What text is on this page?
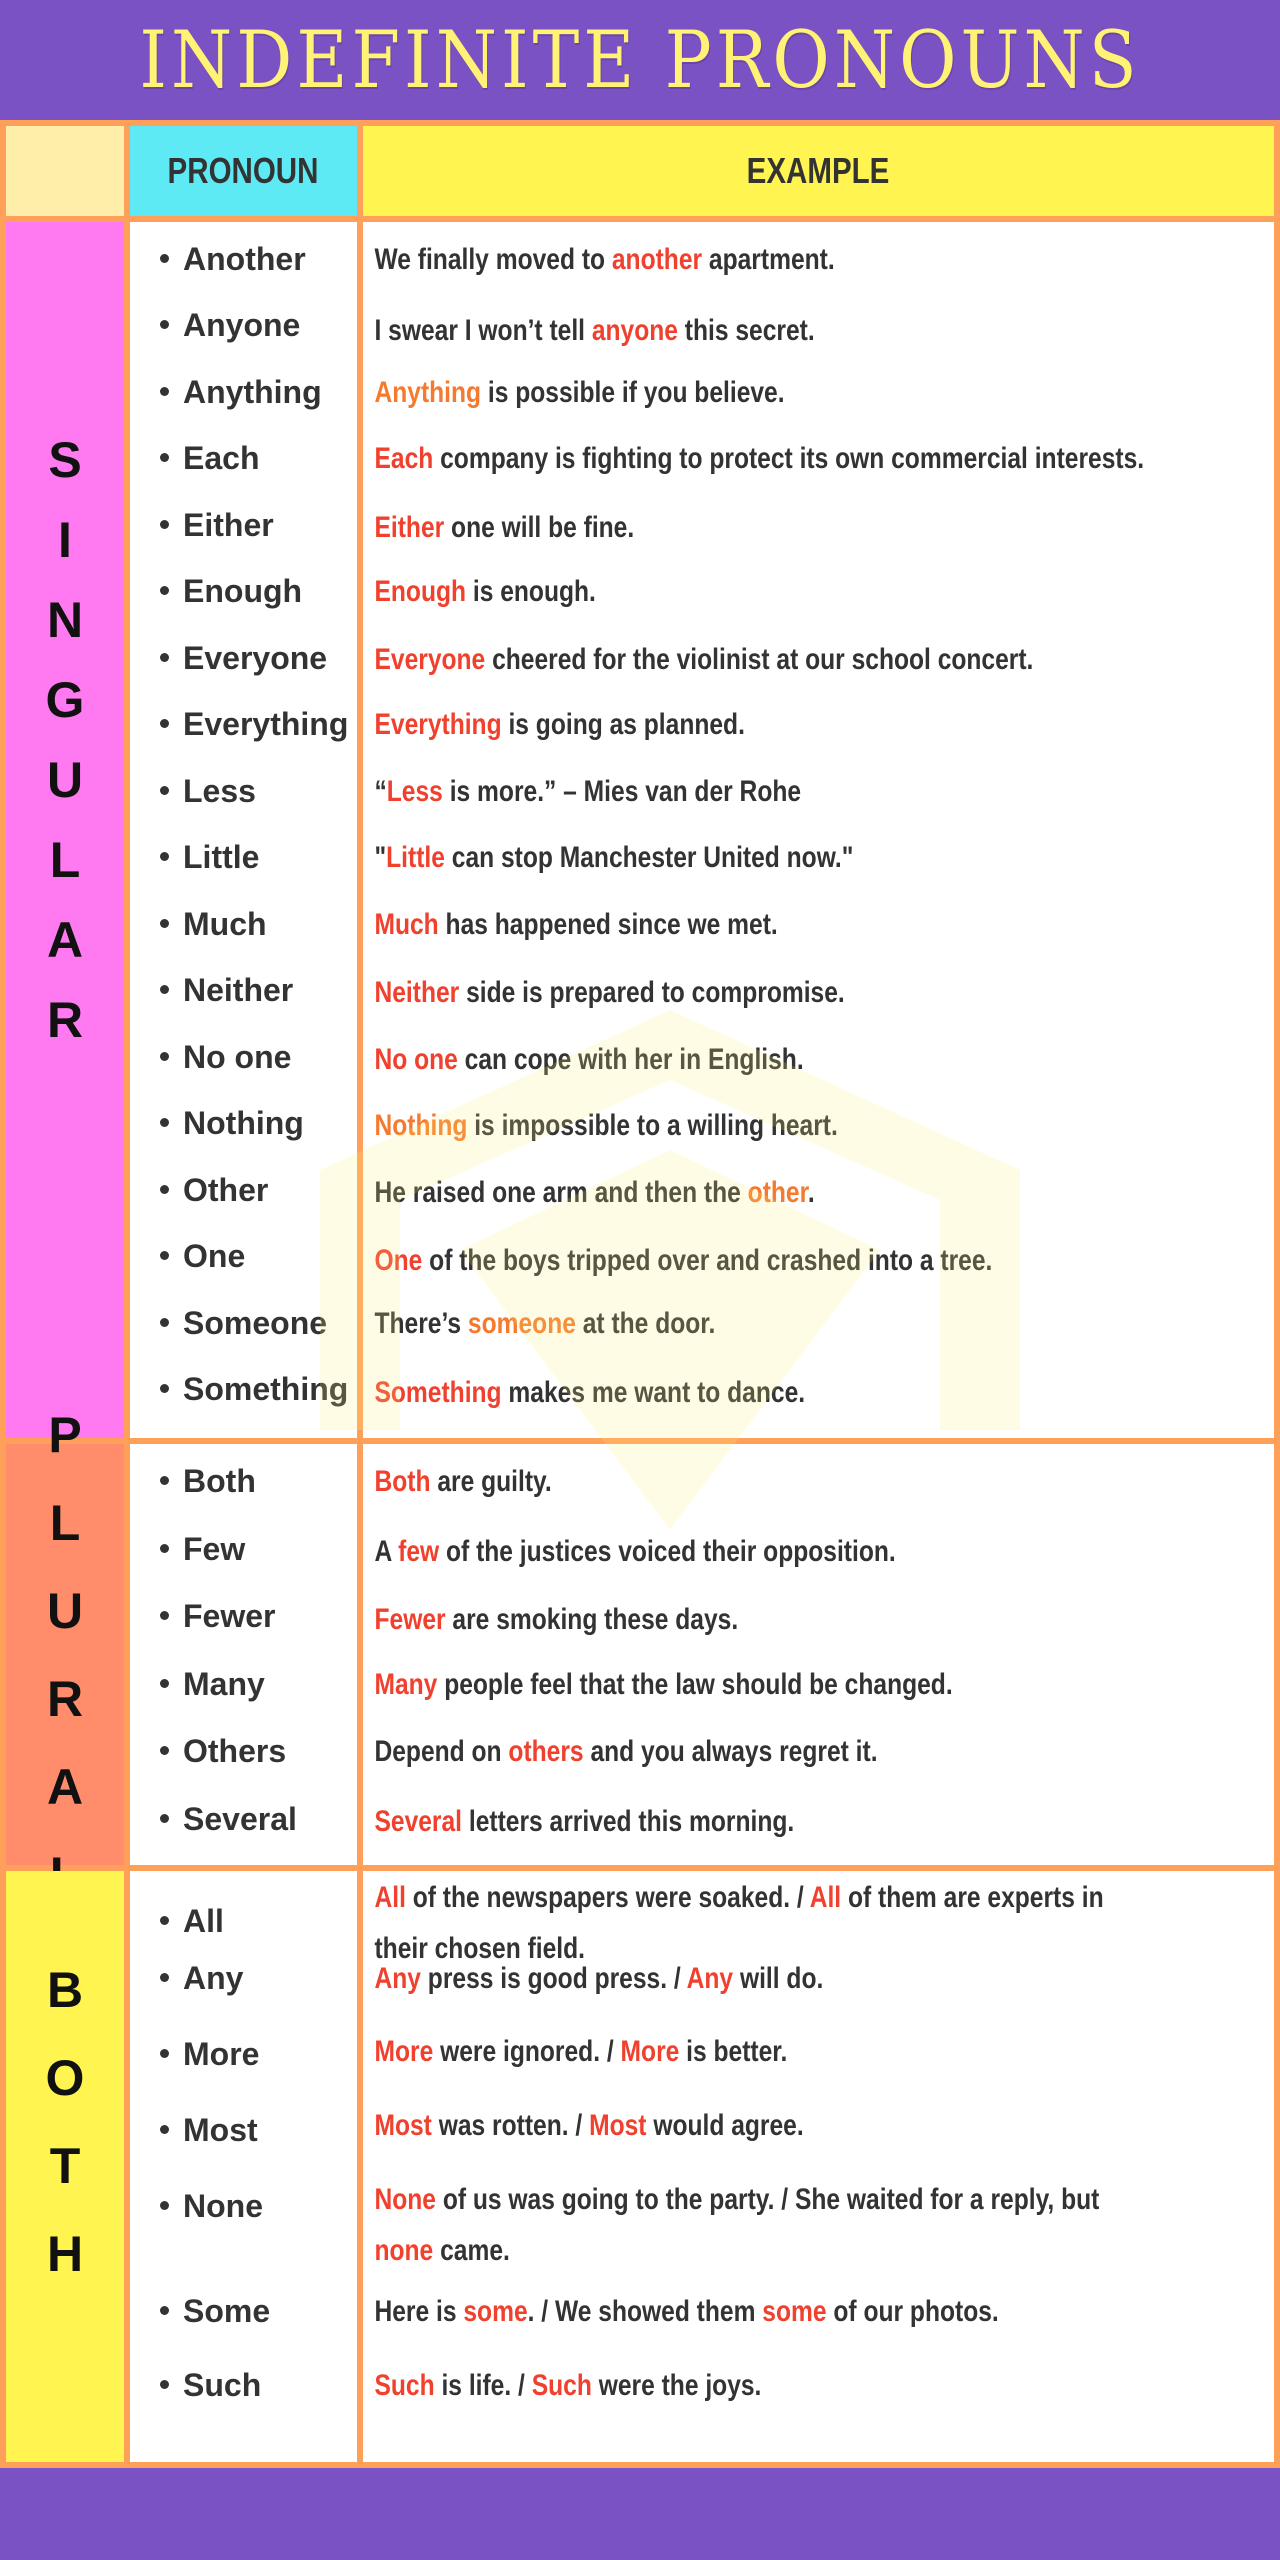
INDEFINITE PRONOUNS
PRONOUN	EXAMPLE
S
I
N
G
U
L
A
R
Another
Anyone
Anything
Each
Either
Enough
Everyone
Everything
Less
Little
Much
Neither
No one
Nothing
Other
One
Someone
Something
We finally moved to another apartment.
I swear I won’t tell anyone this secret.
Anything is possible if you believe.
Each company is fighting to protect its own commercial interests.
Either one will be fine.
Enough is enough.
Everyone cheered for the violinist at our school concert.
Everything is going as planned.
“Less is more.” – Mies van der Rohe
"Little can stop Manchester United now."
Much has happened since we met.
Neither side is prepared to compromise.
No one can cope with her in English.
Nothing is impossible to a willing heart.
He raised one arm and then the other.
One of the boys tripped over and crashed into a tree.
There’s someone at the door.
Something makes me want to dance.
P
L
U
R
A
Both
Few
Fewer
Many
Others
Several
Both are guilty.
A few of the justices voiced their opposition.
Fewer are smoking these days.
Many people feel that the law should be changed.
Depend on others and you always regret it.
Several letters arrived this morning.
B
O
T
H
All
Any
More
Most
None
Some
Such
All of the newspapers were soaked. / All of them are experts in their chosen field.
Any press is good press. / Any will do.
More were ignored. / More is better.
Most was rotten. / Most would agree.
None of us was going to the party. / She waited for a reply, but none came.
Here is some. / We showed them some of our photos.
Such is life. / Such were the joys.
